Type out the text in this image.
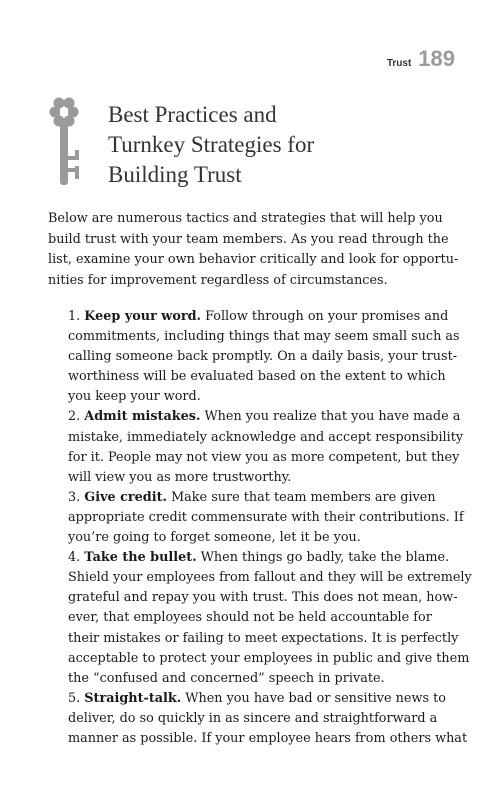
Trust 189
Best Practices and
Turnkey Strategies for
Building Trust
Below are numerous tactics and strategies that will help you
build trust with your team members. As you read through the
list, examine your own behavior critically and look for opportu-
nities for improvement regardless of circumstances.
1. Keep your word. Follow through on your promises and
commitments, including things that may seem small such as
calling someone back promptly. On a daily basis, your trust-
worthiness will be evaluated based on the extent to which
you keep your word.
2. Admit mistakes. When you realize that you have made a
mistake, immediately acknowledge and accept responsibility
for it. People may not view you as more competent, but they
will view you as more trustworthy.
3. Give credit. Make sure that team members are given
appropriate credit commensurate with their contributions. If
you’re going to forget someone, let it be you.
4. Take the bullet. When things go badly, take the blame.
Shield your employees from fallout and they will be extremely
grateful and repay you with trust. This does not mean, how-
ever, that employees should not be held accountable for
their mistakes or failing to meet expectations. It is perfectly
acceptable to protect your employees in public and give them
the “confused and concerned” speech in private.
5. Straight-talk. When you have bad or sensitive news to
deliver, do so quickly in as sincere and straightforward a
manner as possible. If your employee hears from others what
